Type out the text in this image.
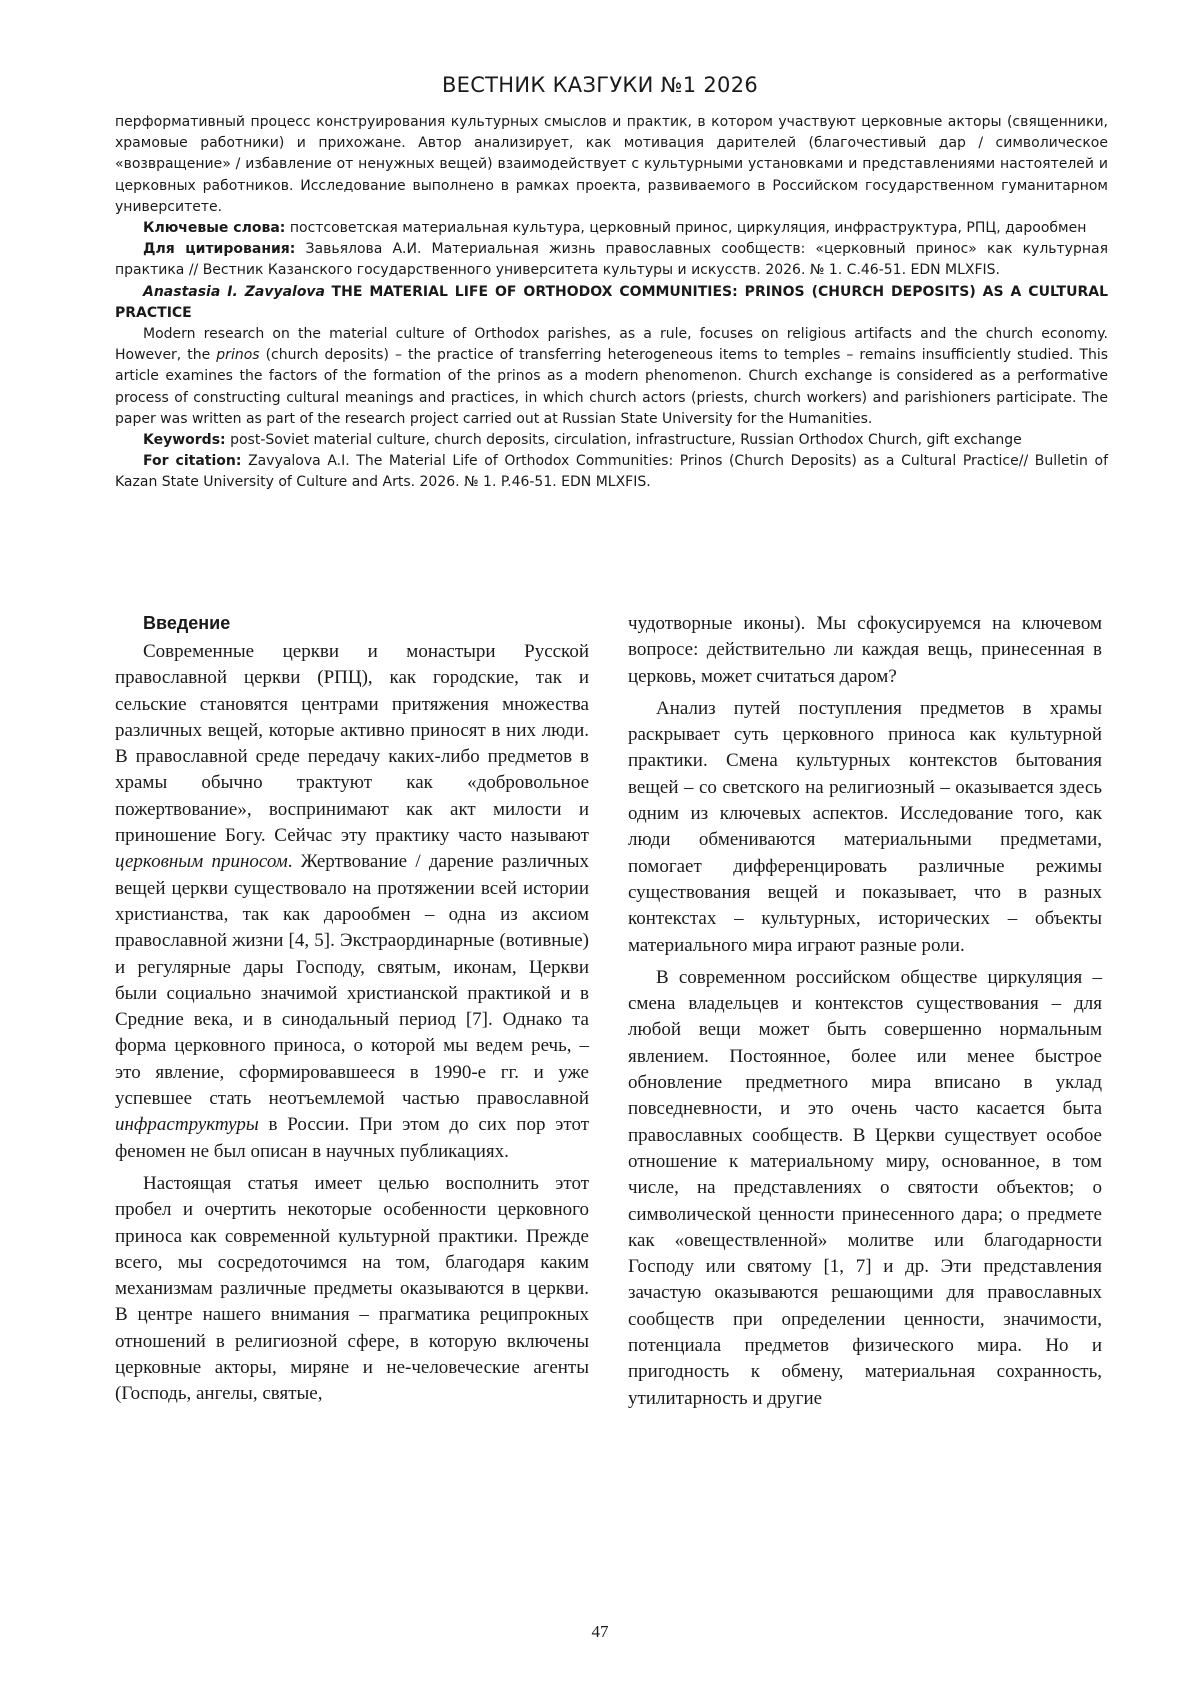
ВЕСТНИК КАЗГУКИ №1 2026

перформативный процесс конструирования культурных смыслов и практик, в котором участвуют церковные акторы (священники, храмовые работники) и прихожане. Автор анализирует, как мотивация дарителей (благочестивый дар / символическое «возвращение» / избавление от ненужных вещей) взаимодействует с культурными установками и представлениями настоятелей и церковных работников. Исследование выполнено в рамках проекта, развиваемого в Российском государственном гуманитарном университете.

Ключевые слова: постсоветская материальная культура, церковный принос, циркуляция, инфраструктура, РПЦ, дарообмен

Для цитирования: Завьялова А.И. Материальная жизнь православных сообществ: «церковный принос» как культурная практика // Вестник Казанского государственного университета культуры и искусств. 2026. № 1. С.46-51. EDN MLXFIS.

Anastasia I. Zavyalova THE MATERIAL LIFE OF ORTHODOX COMMUNITIES: PRINOS (CHURCH DEPOSITS) AS A CULTURAL PRACTICE

Modern research on the material culture of Orthodox parishes, as a rule, focuses on religious artifacts and the church economy. However, the prinos (church deposits) – the practice of transferring heterogeneous items to temples – remains insufficiently studied. This article examines the factors of the formation of the prinos as a modern phenomenon. Church exchange is considered as a performative process of constructing cultural meanings and practices, in which church actors (priests, church workers) and parishioners participate. The paper was written as part of the research project carried out at Russian State University for the Humanities.

Keywords: post-Soviet material culture, church deposits, circulation, infrastructure, Russian Orthodox Church, gift exchange

For citation: Zavyalova A.I. The Material Life of Orthodox Communities: Prinos (Church Deposits) as a Cultural Practice// Bulletin of Kazan State University of Culture and Arts. 2026. № 1. P.46-51. EDN MLXFIS.

Введение

Современные церкви и монастыри Русской православной церкви (РПЦ), как городские, так и сельские становятся центрами притяжения множества различных вещей, которые активно приносят в них люди. В православной среде передачу каких-либо предметов в храмы обычно трактуют как «добровольное пожертвование», воспринимают как акт милости и приношение Богу. Сейчас эту практику часто называют церковным приносом. Жертвование / дарение различных вещей церкви существовало на протяжении всей истории христианства, так как дарообмен – одна из аксиом православной жизни [4, 5]. Экстраординарные (вотивные) и регулярные дары Господу, святым, иконам, Церкви были социально значимой христианской практикой и в Средние века, и в синодальный период [7]. Однако та форма церковного приноса, о которой мы ведем речь, – это явление, сформировавшееся в 1990-е гг. и уже успевшее стать неотъемлемой частью православной инфраструктуры в России. При этом до сих пор этот феномен не был описан в научных публикациях.

Настоящая статья имеет целью восполнить этот пробел и очертить некоторые особенности церковного приноса как современной культурной практики. Прежде всего, мы сосредоточимся на том, благодаря каким механизмам различные предметы оказываются в церкви. В центре нашего внимания – прагматика реципрокных отношений в религиозной сфере, в которую включены церковные акторы, миряне и не-человеческие агенты (Господь, ангелы, святые,

чудотворные иконы). Мы сфокусируемся на ключевом вопросе: действительно ли каждая вещь, принесенная в церковь, может считаться даром?

Анализ путей поступления предметов в храмы раскрывает суть церковного приноса как культурной практики. Смена культурных контекстов бытования вещей – со светского на религиозный – оказывается здесь одним из ключевых аспектов. Исследование того, как люди обмениваются материальными предметами, помогает дифференцировать различные режимы существования вещей и показывает, что в разных контекстах – культурных, исторических – объекты материального мира играют разные роли.

В современном российском обществе циркуляция – смена владельцев и контекстов существования – для любой вещи может быть совершенно нормальным явлением. Постоянное, более или менее быстрое обновление предметного мира вписано в уклад повседневности, и это очень часто касается быта православных сообществ. В Церкви существует особое отношение к материальному миру, основанное, в том числе, на представлениях о святости объектов; о символической ценности принесенного дара; о предмете как «овеществленной» молитве или благодарности Господу или святому [1, 7] и др. Эти представления зачастую оказываются решающими для православных сообществ при определении ценности, значимости, потенциала предметов физического мира. Но и пригодность к обмену, материальная сохранность, утилитарность и другие

47
